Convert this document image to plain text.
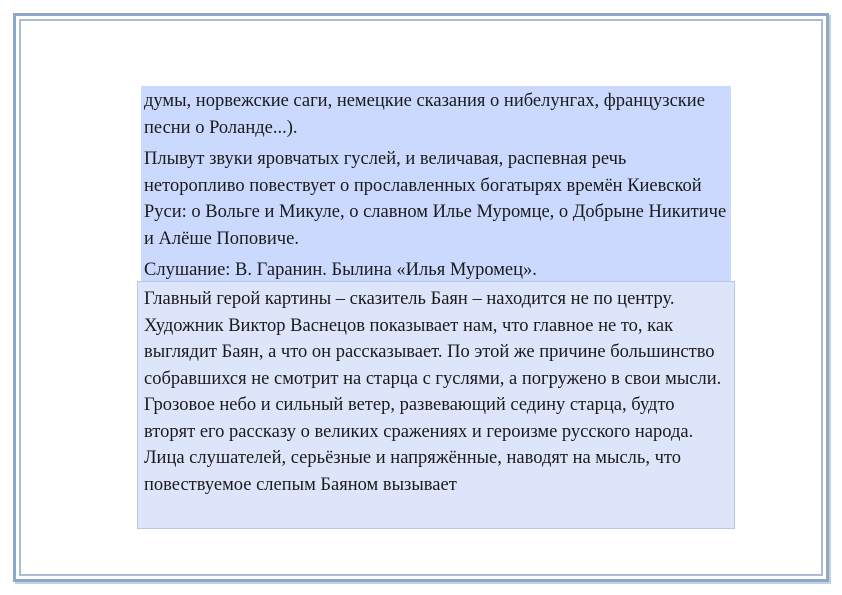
думы, норвежские саги, немецкие сказания о нибелунгах, французские песни о Роланде...).

Плывут звуки яровчатых гуслей, и величавая, распевная речь неторопливо повествует о прославленных богатырях времён Киевской Руси: о Вольге и Микуле, о славном Илье Муромце, о Добрыне Никитиче и Алёше Поповиче.

Слушание: В. Гаранин. Былина «Илья Муромец».

Главный герой картины – сказитель Баян – находится не по центру. Художник Виктор Васнецов показывает нам, что главное не то, как выглядит Баян, а что он рассказывает. По этой же причине большинство собравшихся не смотрит на старца с гуслями, а погружено в свои мысли.

Грозовое небо и сильный ветер, развевающий седину старца, будто вторят его рассказу о великих сражениях и героизме русского народа. Лица слушателей, серьёзные и напряжённые, наводят на мысль, что повествуемое слепым Баяном вызывает
